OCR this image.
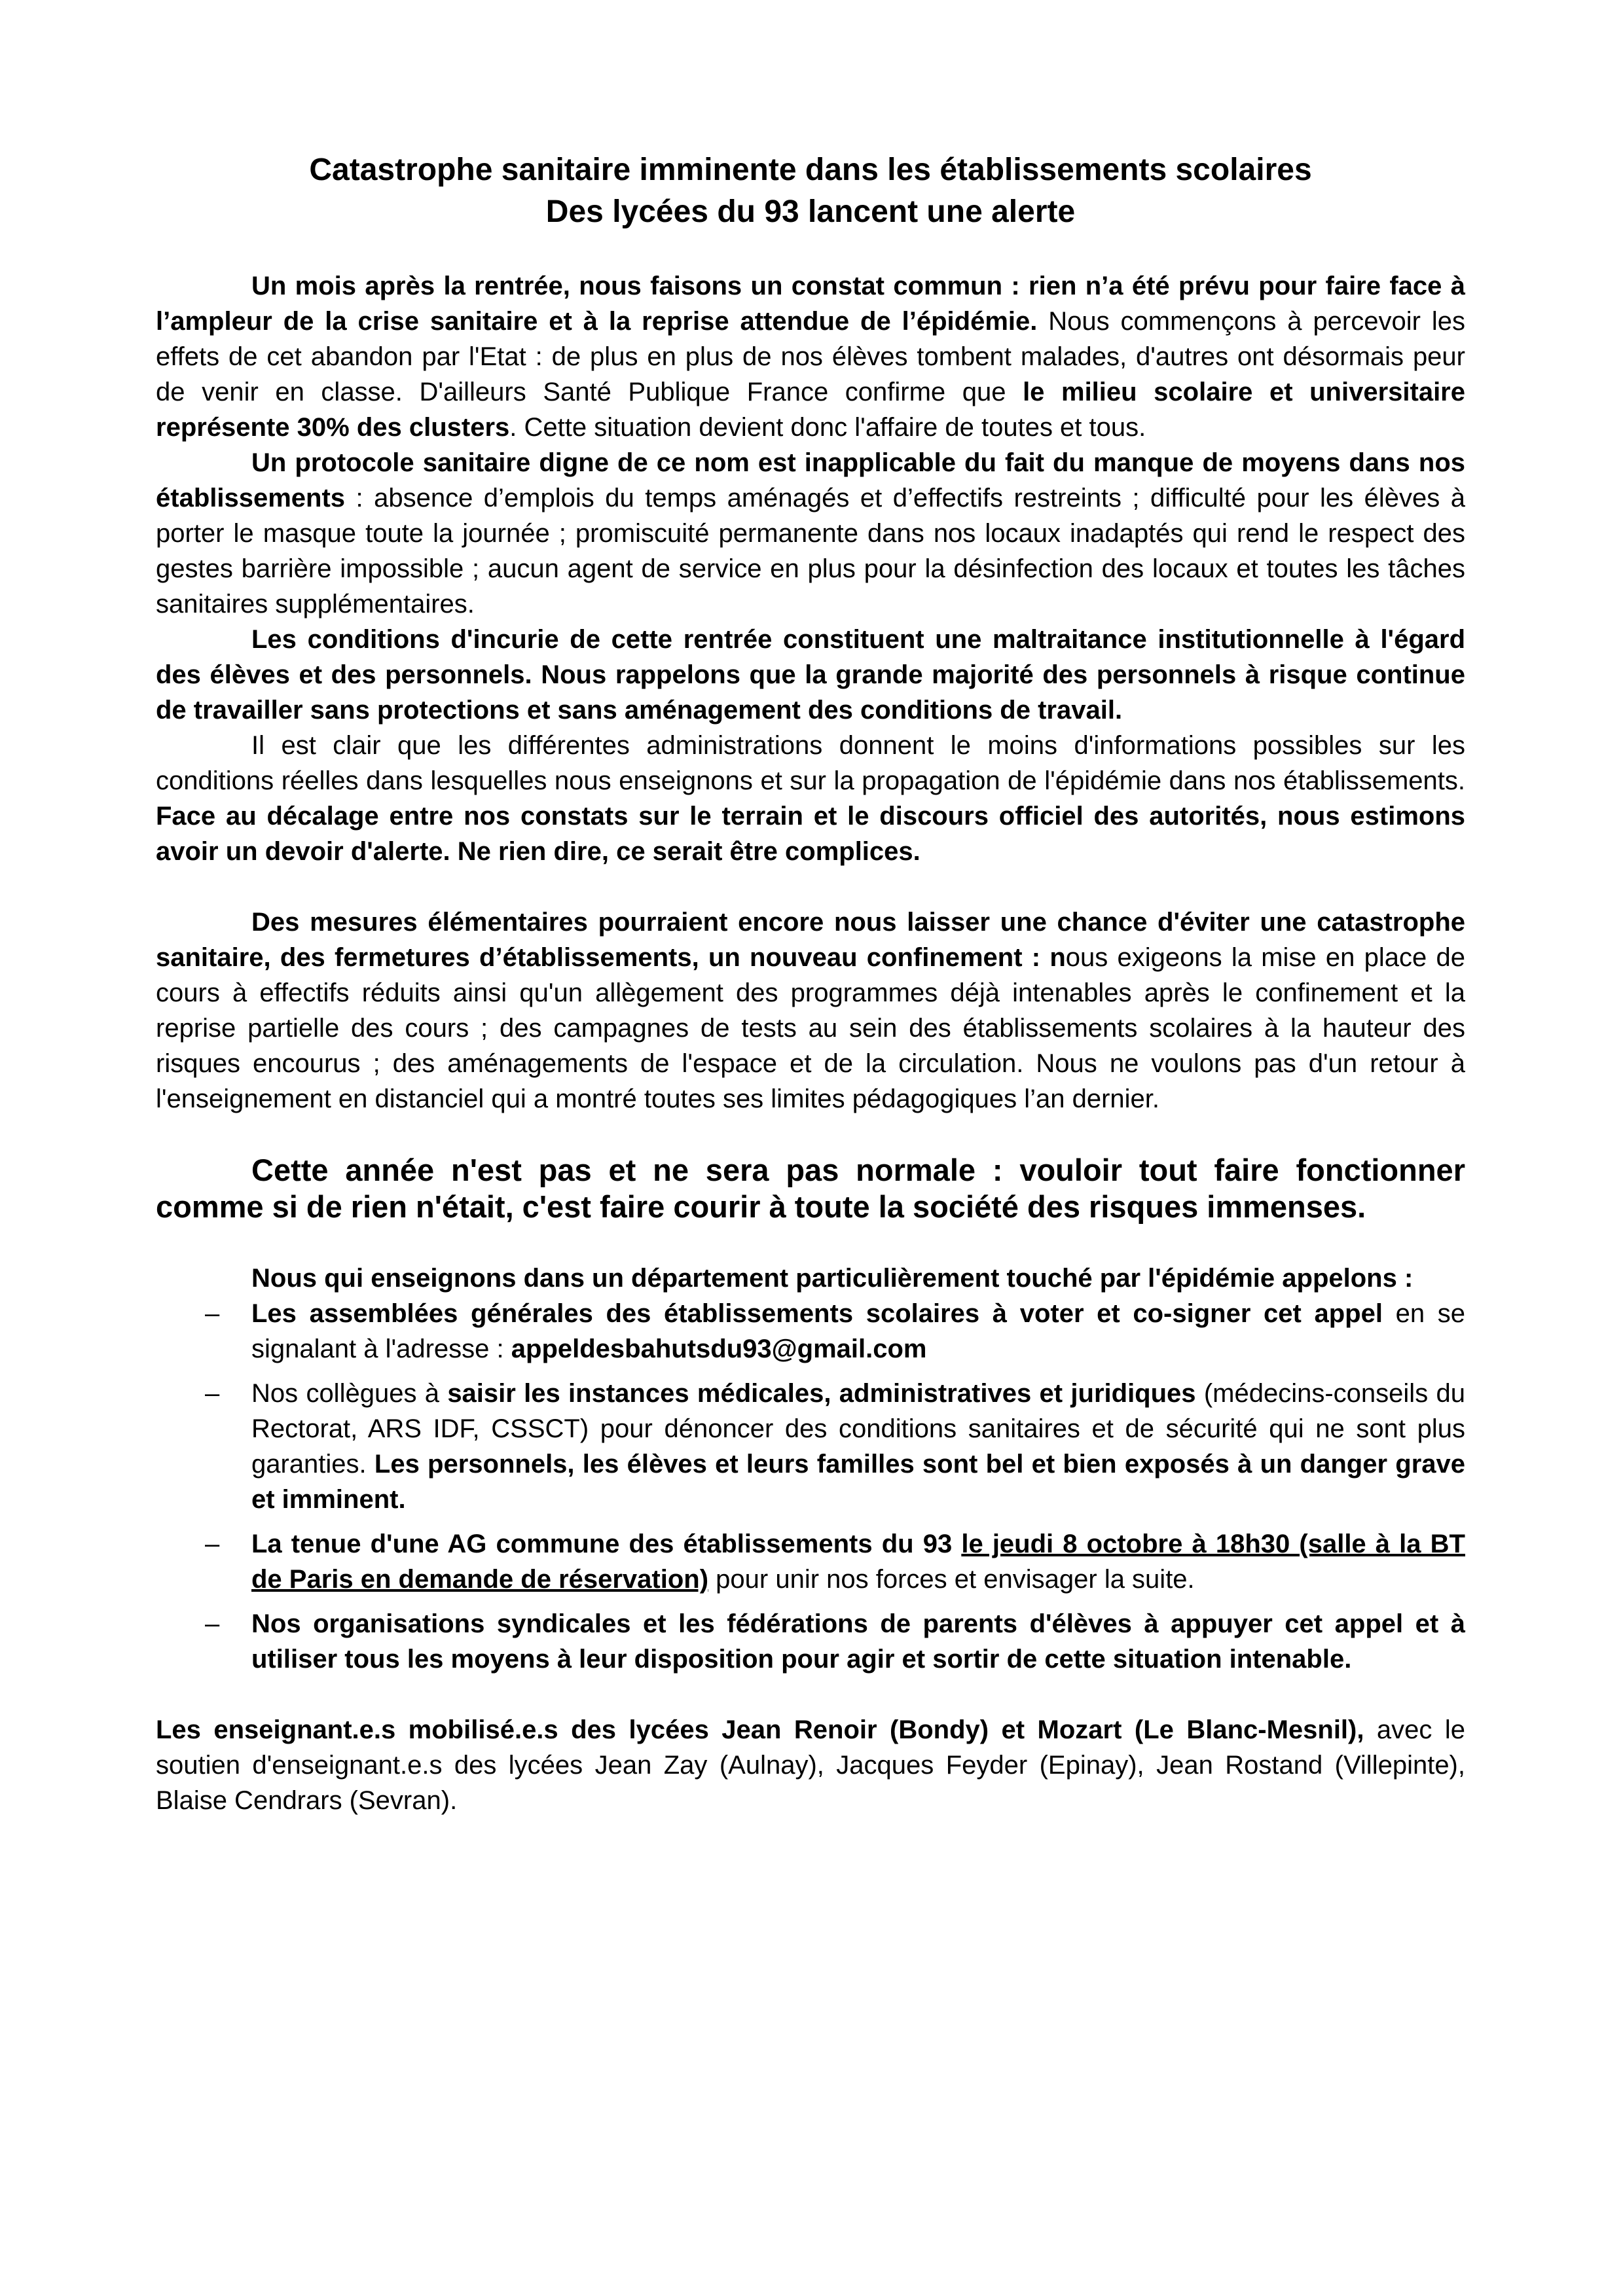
Catastrophe sanitaire imminente dans les établissements scolaires
Des lycées du 93 lancent une alerte

Un mois après la rentrée, nous faisons un constat commun : rien n’a été prévu pour faire face à l’ampleur de la crise sanitaire et à la reprise attendue de l’épidémie. Nous commençons à percevoir les effets de cet abandon par l'Etat : de plus en plus de nos élèves tombent malades, d'autres ont désormais peur de venir en classe. D'ailleurs Santé Publique France confirme que le milieu scolaire et universitaire représente 30% des clusters. Cette situation devient donc l'affaire de toutes et tous.

Un protocole sanitaire digne de ce nom est inapplicable du fait du manque de moyens dans nos établissements : absence d’emplois du temps aménagés et d’effectifs restreints ; difficulté pour les élèves à porter le masque toute la journée ; promiscuité permanente dans nos locaux inadaptés qui rend le respect des gestes barrière impossible ; aucun agent de service en plus pour la désinfection des locaux et toutes les tâches sanitaires supplémentaires.

Les conditions d'incurie de cette rentrée constituent une maltraitance institutionnelle à l'égard des élèves et des personnels. Nous rappelons que la grande majorité des personnels à risque continue de travailler sans protections et sans aménagement des conditions de travail.

Il est clair que les différentes administrations donnent le moins d'informations possibles sur les conditions réelles dans lesquelles nous enseignons et sur la propagation de l'épidémie dans nos établissements. Face au décalage entre nos constats sur le terrain et le discours officiel des autorités, nous estimons avoir un devoir d'alerte. Ne rien dire, ce serait être complices.

Des mesures élémentaires pourraient encore nous laisser une chance d'éviter une catastrophe sanitaire, des fermetures d’établissements, un nouveau confinement : nous exigeons la mise en place de cours à effectifs réduits ainsi qu'un allègement des programmes déjà intenables après le confinement et la reprise partielle des cours ; des campagnes de tests au sein des établissements scolaires à la hauteur des risques encourus ; des aménagements de l'espace et de la circulation. Nous ne voulons pas d'un retour à l'enseignement en distanciel qui a montré toutes ses limites pédagogiques l’an dernier.

Cette année n'est pas et ne sera pas normale : vouloir tout faire fonctionner comme si de rien n'était, c'est faire courir à toute la société des risques immenses.

Nous qui enseignons dans un département particulièrement touché par l'épidémie appelons :

– Les assemblées générales des établissements scolaires à voter et co-signer cet appel en se signalant à l'adresse : appeldesbahutsdu93@gmail.com
– Nos collègues à saisir les instances médicales, administratives et juridiques (médecins-conseils du Rectorat, ARS IDF, CSSCT) pour dénoncer des conditions sanitaires et de sécurité qui ne sont plus garanties. Les personnels, les élèves et leurs familles sont bel et bien exposés à un danger grave et imminent.
– La tenue d'une AG commune des établissements du 93 le jeudi 8 octobre à 18h30 (salle à la BT de Paris en demande de réservation) pour unir nos forces et envisager la suite.
– Nos organisations syndicales et les fédérations de parents d'élèves à appuyer cet appel et à utiliser tous les moyens à leur disposition pour agir et sortir de cette situation intenable.

Les enseignant.e.s mobilisé.e.s des lycées Jean Renoir (Bondy) et Mozart (Le Blanc-Mesnil), avec le soutien d'enseignant.e.s des lycées Jean Zay (Aulnay), Jacques Feyder (Epinay), Jean Rostand (Villepinte), Blaise Cendrars (Sevran).
